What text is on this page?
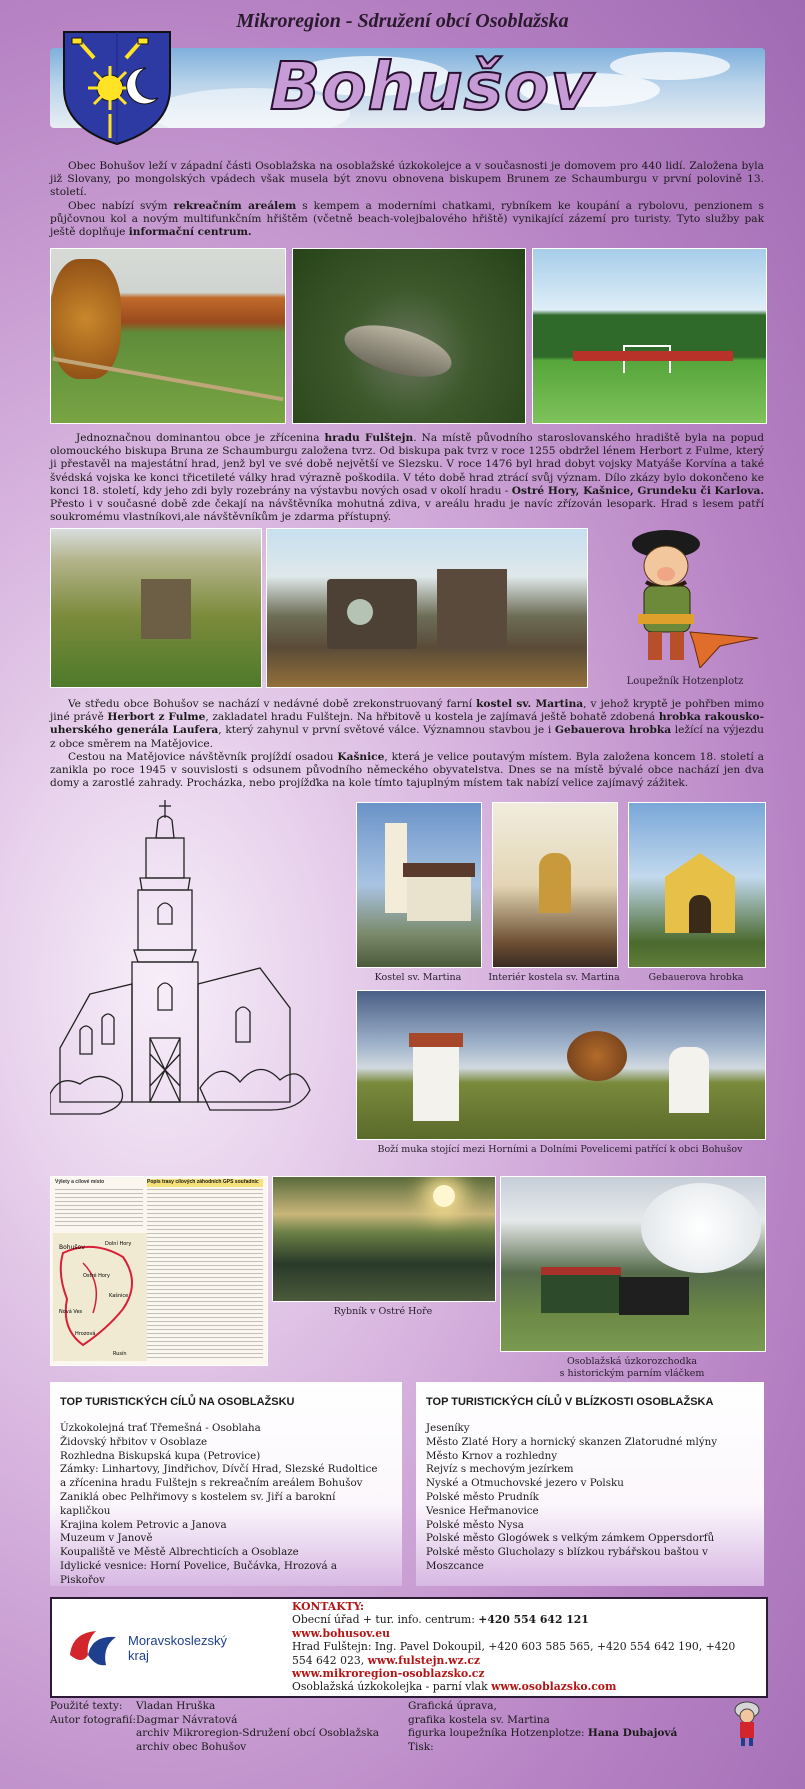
Mikroregion - Sdružení obcí Osoblažska
Bohušov
Obec Bohušov leží v západní části Osoblažska na osoblažské úzkokolejce a v současnosti je domovem pro 440 lidí. Založena byla již Slovany, po mongolských vpádech však musela být znovu obnovena biskupem Brunem ze Schaumburgu v první polovině 13. století.
Obec nabízí svým rekreačním areálem s kempem a moderními chatkami, rybníkem ke koupání a rybolovu, penzionem s půjčovnou kol a novým multifunkčním hřištěm (včetně beach-volejbalového hřiště) vynikající zázemí pro turisty. Tyto služby pak ještě doplňuje informační centrum.
Jednoznačnou dominantou obce je zřícenina hradu Fulštejn. Na místě původního staroslovanského hradiště byla na popud olomouckého biskupa Bruna ze Schaumburgu založena tvrz. Od biskupa pak tvrz v roce 1255 obdržel lénem Herbort z Fulme, který ji přestavěl na majestátní hrad, jenž byl ve své době největší ve Slezsku. V roce 1476 byl hrad dobyt vojsky Matyáše Korvína a také švédská vojska ke konci třicetileté války hrad výrazně poškodila. V této době hrad ztrácí svůj význam. Dílo zkázy bylo dokončeno ke konci 18. století, kdy jeho zdi byly rozebrány na výstavbu nových osad v okolí hradu - Ostré Hory, Kašnice, Grundeku či Karlova. Přesto i v současné době zde čekají na návštěvníka mohutná zdiva, v areálu hradu je navíc zřízován lesopark. Hrad s lesem patří soukromému vlastníkovi,ale návštěvníkům je zdarma přístupný.
Loupežník Hotzenplotz
Ve středu obce Bohušov se nachází v nedávné době zrekonstruovaný farní kostel sv. Martina, v jehož kryptě je pohřben mimo jiné právě Herbort z Fulme, zakladatel hradu Fulštejn. Na hřbitově u kostela je zajímavá ještě bohatě zdobená hrobka rakousko-uherského generála Laufera, který zahynul v první světové válce. Významnou stavbou je i Gebauerova hrobka ležící na výjezdu z obce směrem na Matějovice.
Cestou na Matějovice návštěvník projíždí osadou Kašnice, která je velice poutavým místem. Byla založena koncem 18. století a zanikla po roce 1945 v souvislosti s odsunem původního německého obyvatelstva. Dnes se na místě bývalé obce nachází jen dva domy a zarostlé zahrady. Procházka, nebo projížďka na kole tímto tajuplným místem tak nabízí velice zajímavý zážitek.
Kostel sv. Martina	Interiér kostela sv. Martina	Gebauerova hrobka
Boží muka stojící mezi Horními a Dolními Povelicemi patřící k obci Bohušov
Výlety a cílové místo	Popis trasy cílových záhodních GPS souřadnic
Bohušov	Dolní Hory
Ostré Hory
Kašnice
Hrozová
Rusín
Nová Ves	Rybník v Ostré Hoře
Osoblažská úzkorozchodka
s historickým parním vláčkem
TOP TURISTICKÝCH CÍLŮ NA OSOBLAŽSKU
Úzkokolejná trať Třemešná - Osoblaha
Židovský hřbitov v Osoblaze
Rozhledna Biskupská kupa (Petrovice)
Zámky: Linhartovy, Jindřichov, Dívčí Hrad, Slezské Rudoltice
a zřícenina hradu Fulštejn s rekreačním areálem Bohušov
Zaniklá obec Pelhřimovy s kostelem sv. Jiří a barokní
kapličkou
Krajina kolem Petrovic a Janova
Muzeum v Janově
Koupaliště ve Městě Albrechticích a Osoblaze
Idylické vesnice: Horní Povelice, Bučávka, Hrozová a
Piskořov
TOP TURISTICKÝCH CÍLŮ V BLÍZKOSTI OSOBLAŽSKA
Jeseníky
Město Zlaté Hory a hornický skanzen Zlatorudné mlýny
Město Krnov a rozhledny
Rejvíz s mechovým jezírkem
Nyské a Otmuchovské jezero v Polsku
Polské město Prudník
Vesnice Heřmanovice
Polské město Nysa
Polské město Glogówek s velkým zámkem Oppersdorfů
Polské město Glucholazy s blízkou rybářskou baštou v
Moszcance
Moravskoslezský
kraj
KONTAKTY:
Obecní úřad + tur. info. centrum: +420 554 642 121
www.bohusov.eu
Hrad Fulštejn: Ing. Pavel Dokoupil, +420 603 585 565, +420 554 642 190, +420
554 642 023, www.fulstejn.wz.cz
www.mikroregion-osoblazsko.cz
Osoblažská úzkokolejka - parní vlak www.osoblazsko.com
Použité texty: Vladan Hruška
Autor fotografií:Dagmar Návratová
archiv Mikroregion-Sdružení obcí Osoblažska
archiv obec Bohušov
Grafická úprava,
grafika kostela sv. Martina
figurka loupežníka Hotzenplotze: Hana Dubajová
Tisk:
